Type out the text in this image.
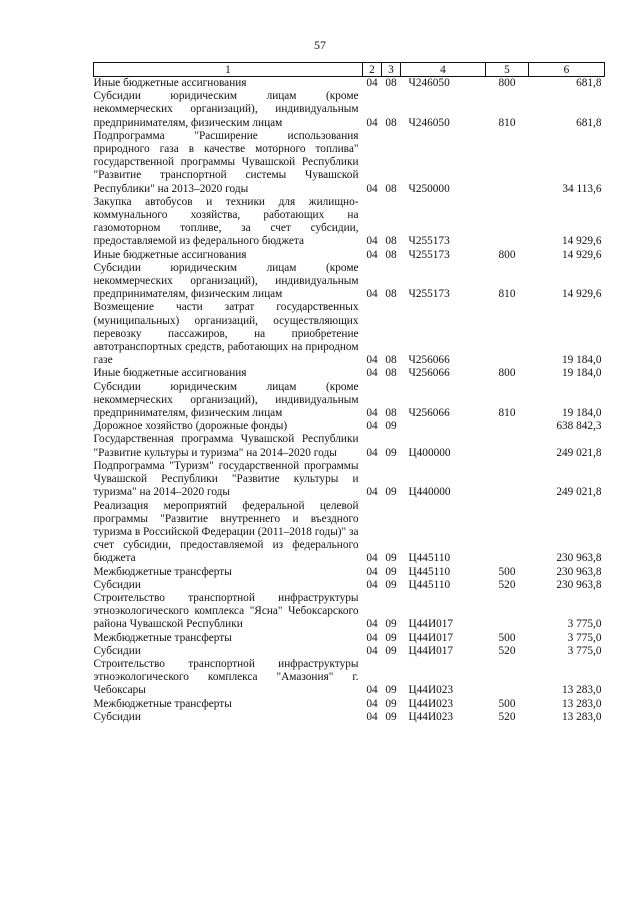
57
1	2	3	4	5	6
Иные бюджетные ассигнования	04	08	Ч246050	800	681,8
Субсидии юридическим лицам (кроме некоммерческих организаций), индивидуальным предпринимателям, физическим лицам	04	08	Ч246050	810	681,8
Подпрограмма "Расширение использования природного газа в качестве моторного топлива" государственной программы Чувашской Республики "Развитие транспортной системы Чувашской Республики" на 2013–2020 годы	04	08	Ч250000		34 113,6
Закупка автобусов и техники для жилищно-коммунального хозяйства, работающих на газомоторном топливе, за счет субсидии, предоставляемой из федерального бюджета	04	08	Ч255173		14 929,6
Иные бюджетные ассигнования	04	08	Ч255173	800	14 929,6
Субсидии юридическим лицам (кроме некоммерческих организаций), индивидуальным предпринимателям, физическим лицам	04	08	Ч255173	810	14 929,6
Возмещение части затрат государственных (муниципальных) организаций, осуществляющих перевозку пассажиров, на приобретение автотранспортных средств, работающих на природном газе	04	08	Ч256066		19 184,0
Иные бюджетные ассигнования	04	08	Ч256066	800	19 184,0
Субсидии юридическим лицам (кроме некоммерческих организаций), индивидуальным предпринимателям, физическим лицам	04	08	Ч256066	810	19 184,0
Дорожное хозяйство (дорожные фонды)	04	09			638 842,3
Государственная программа Чувашской Республики "Развитие культуры и туризма" на 2014–2020 годы	04	09	Ц400000		249 021,8
Подпрограмма "Туризм" государственной программы Чувашской Республики "Развитие культуры и туризма" на 2014–2020 годы	04	09	Ц440000		249 021,8
Реализация мероприятий федеральной целевой программы "Развитие внутреннего и въездного туризма в Российской Федерации (2011–2018 годы)" за счет субсидии, предоставляемой из федерального бюджета	04	09	Ц445110		230 963,8
Межбюджетные трансферты	04	09	Ц445110	500	230 963,8
Субсидии	04	09	Ц445110	520	230 963,8
Строительство транспортной инфраструктуры этноэкологического комплекса "Ясна" Чебоксарского района Чувашской Республики	04	09	Ц44И017		3 775,0
Межбюджетные трансферты	04	09	Ц44И017	500	3 775,0
Субсидии	04	09	Ц44И017	520	3 775,0
Строительство транспортной инфраструктуры этноэкологического комплекса "Амазония" г. Чебоксары	04	09	Ц44И023		13 283,0
Межбюджетные трансферты	04	09	Ц44И023	500	13 283,0
Субсидии	04	09	Ц44И023	520	13 283,0
